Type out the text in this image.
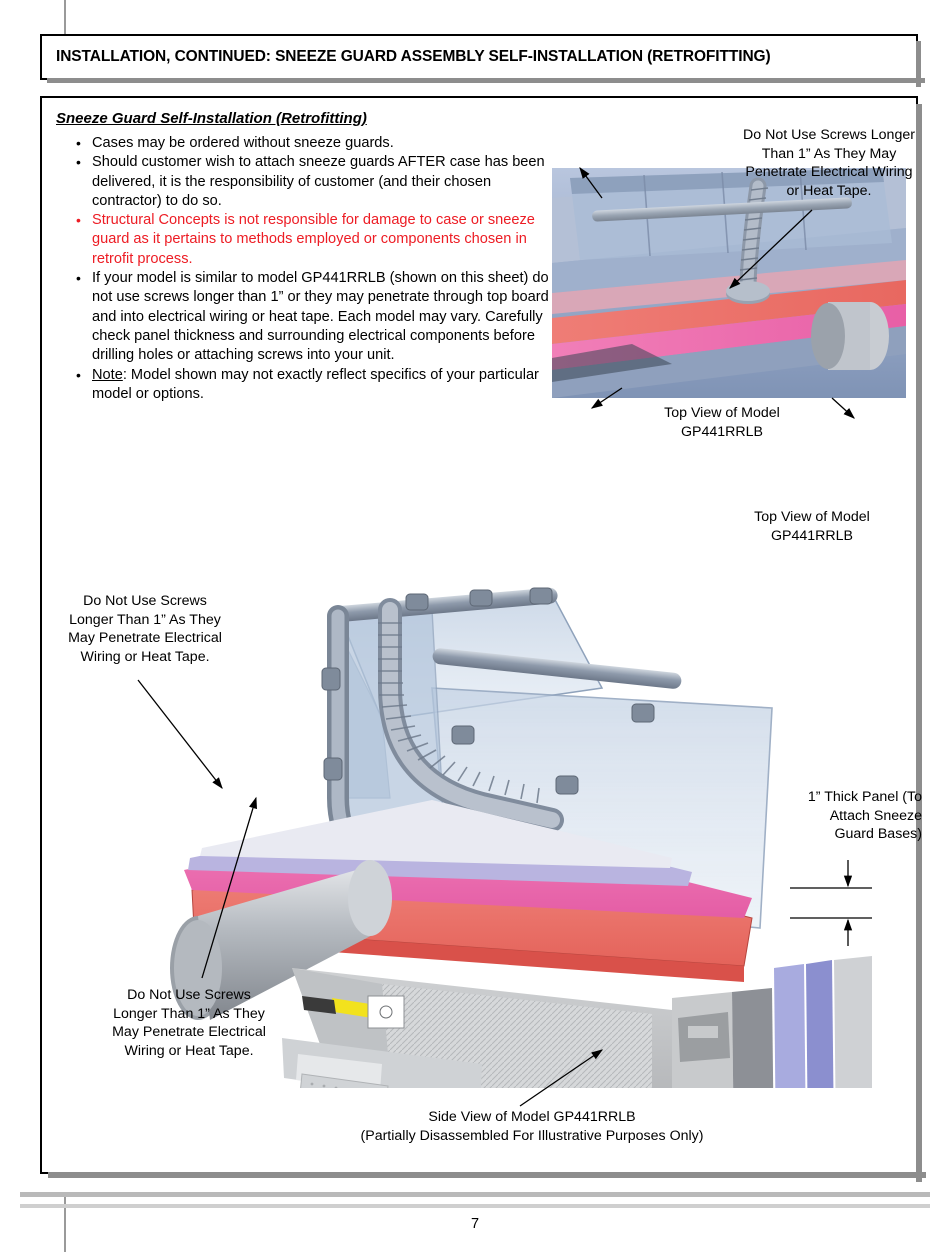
INSTALLATION, CONTINUED: SNEEZE GUARD ASSEMBLY SELF-INSTALLATION (RETROFITTING)
Sneeze Guard Self-Installation (Retrofitting)
• Cases may be ordered without sneeze guards.
• Should customer wish to attach sneeze guards AFTER case has been delivered, it is the responsibility of customer (and their chosen contractor) to do so.
• Structural Concepts is not responsible for damage to case or sneeze guard as it pertains to methods employed or components chosen in retrofit process.
• If your model is similar to model GP441RRLB (shown on this sheet) do not use screws longer than 1” or they may penetrate through top board and into electrical wiring or heat tape. Each model may vary. Carefully check panel thickness and surrounding electrical components before drilling holes or attaching screws into your unit.
• Note: Model shown may not exactly reflect specifics of your particular model or options.
Do Not Use Screws Longer Than 1” As They May Penetrate Electrical Wiring or Heat Tape.
Top View of Model GP441RRLB
Top View of Model GP441RRLB
Do Not Use Screws Longer Than 1” As They May Penetrate Electrical Wiring or Heat Tape.
Do Not Use Screws Longer Than 1” As They May Penetrate Electrical Wiring or Heat Tape.
1” Thick Panel (To Attach Sneeze Guard Bases)
Side View of Model GP441RRLB
(Partially Disassembled For Illustrative Purposes Only)
7
